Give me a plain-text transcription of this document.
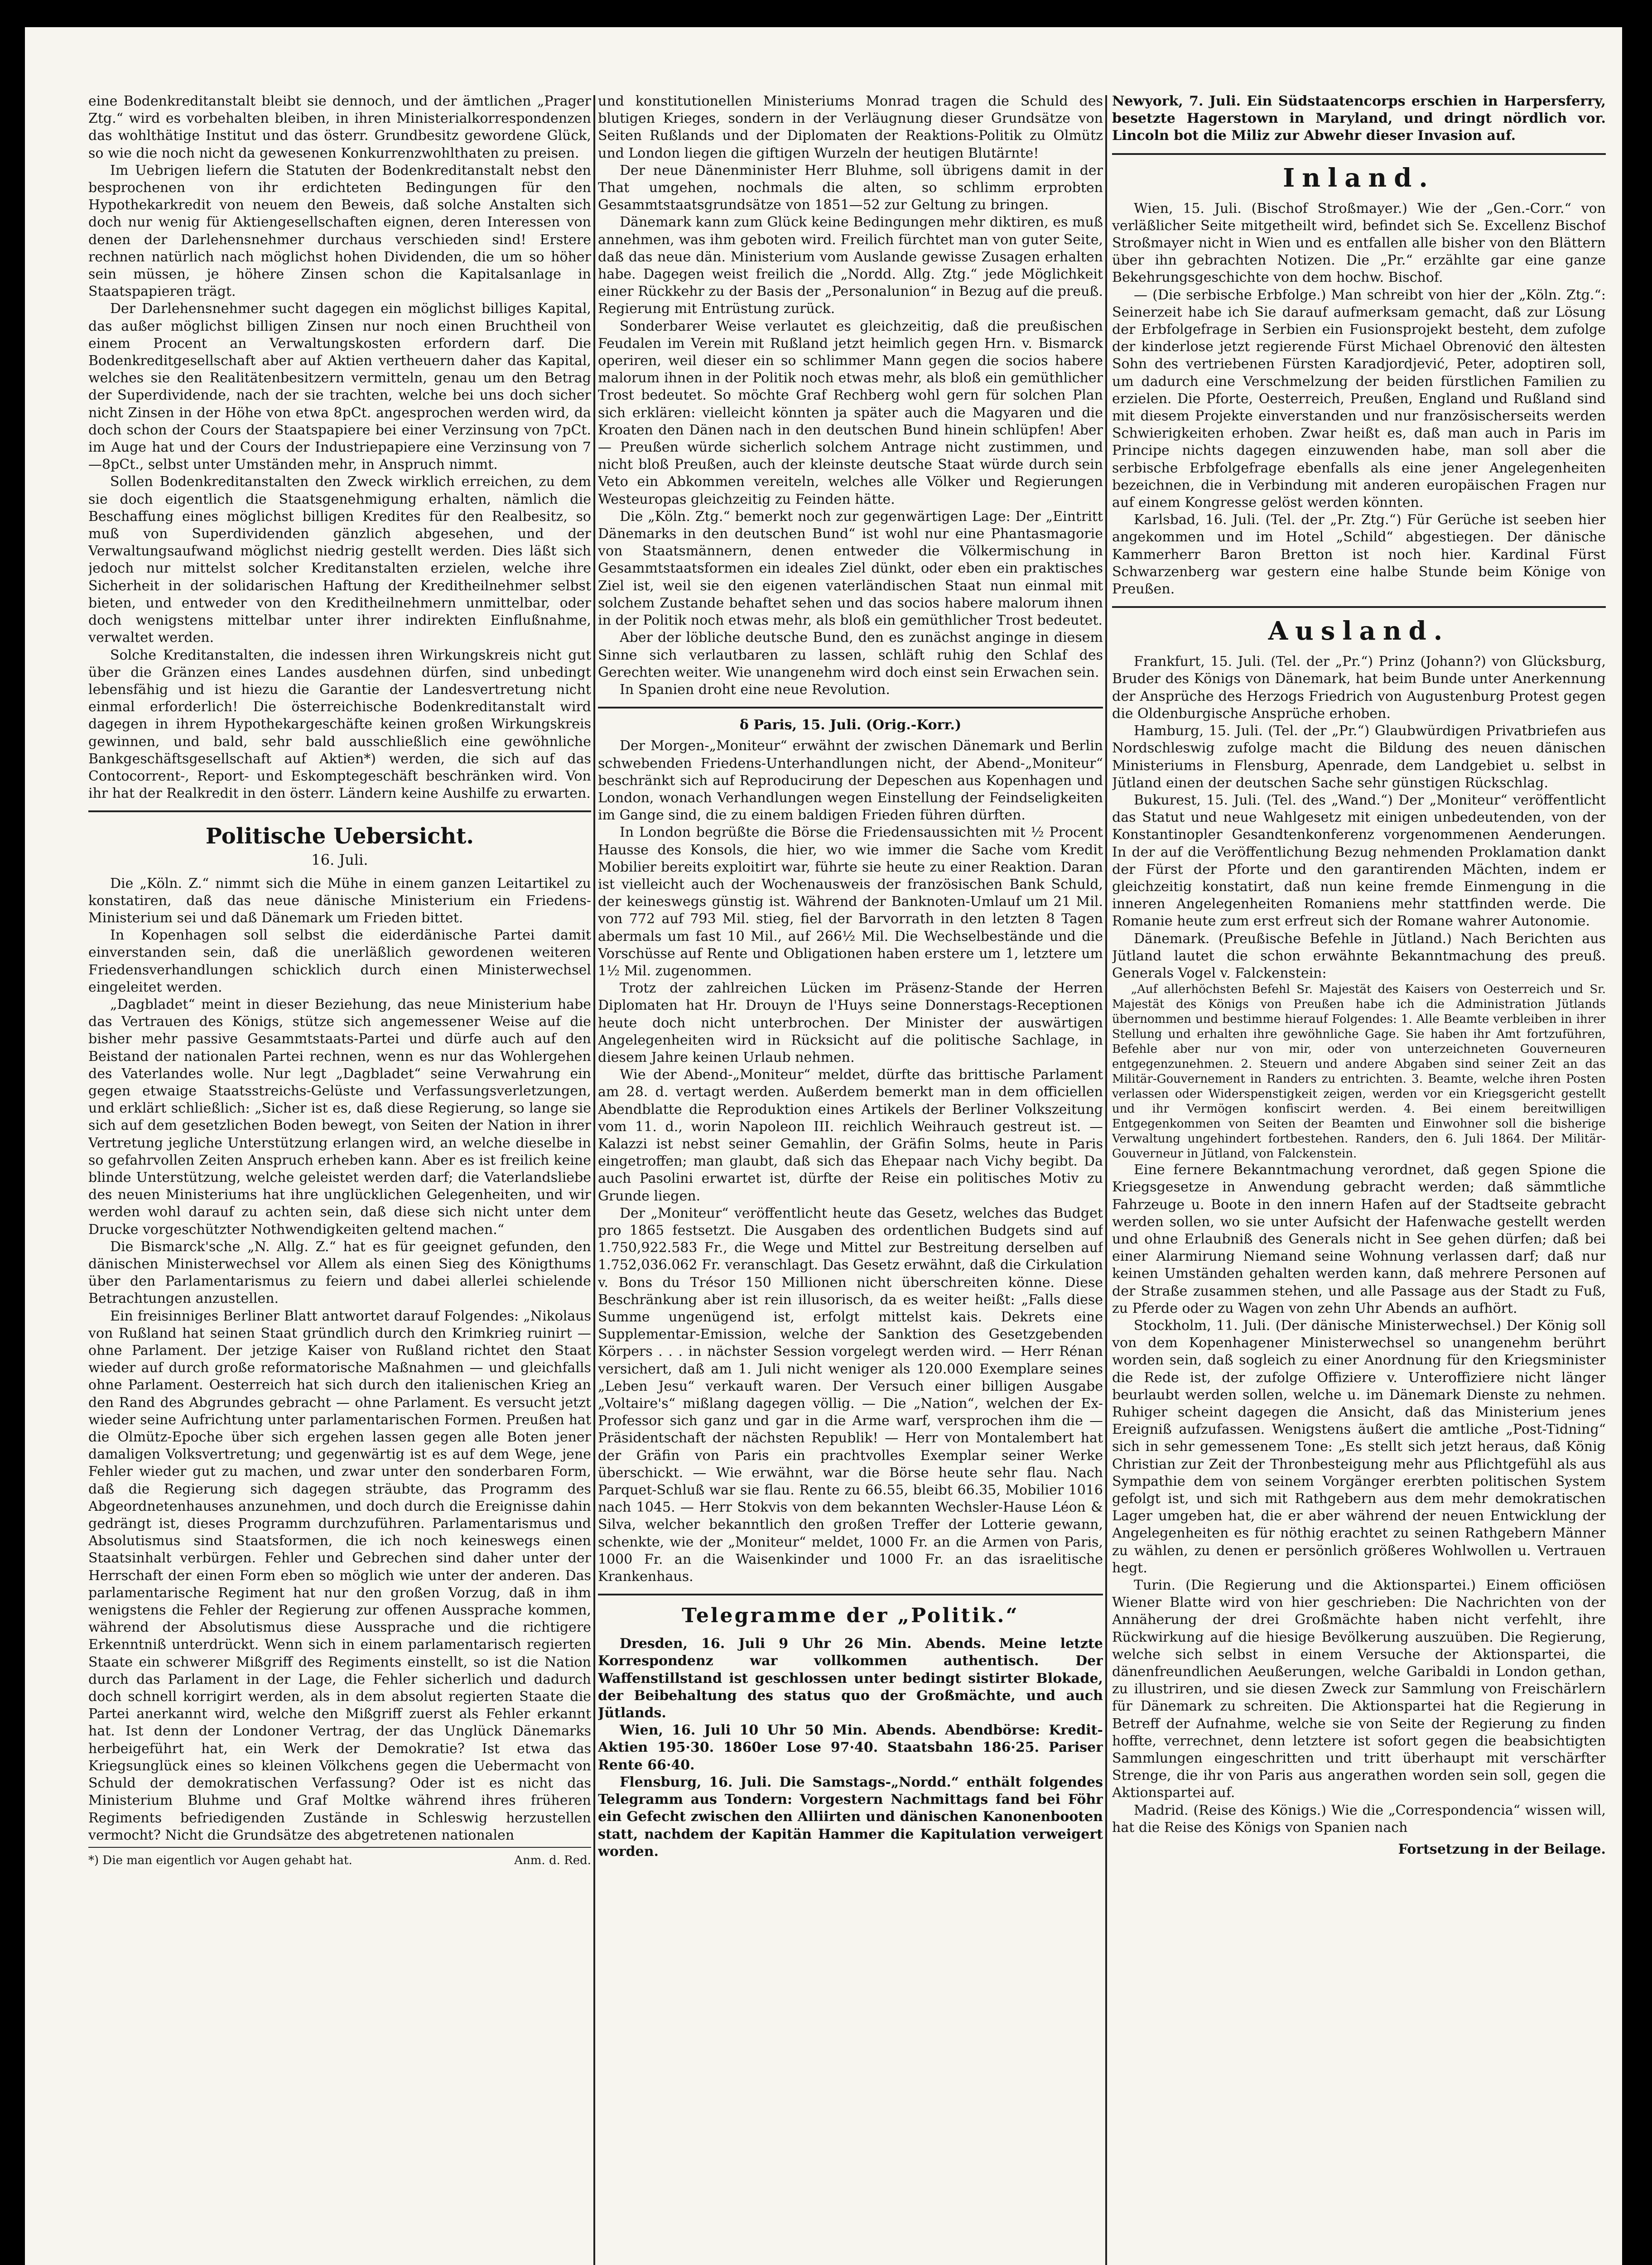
eine Bodenkreditanstalt bleibt sie dennoch, und der ämtlichen „Prager Ztg.“ wird es vorbehalten bleiben, in ihren Ministerialkorrespondenzen das wohlthätige Institut und das österr. Grundbesitz gewordene Glück, so wie die noch nicht da gewesenen Konkurrenzwohlthaten zu preisen.

Im Uebrigen liefern die Statuten der Bodenkreditanstalt nebst den besprochenen von ihr erdichteten Bedingungen für den Hypothekarkredit von neuem den Beweis, daß solche Anstalten sich doch nur wenig für Aktiengesellschaften eignen, deren Interessen von denen der Darlehensnehmer durchaus verschieden sind! Erstere rechnen natürlich nach möglichst hohen Dividenden, die um so höher sein müssen, je höhere Zinsen schon die Kapitalsanlage in Staatspapieren trägt.

Der Darlehensnehmer sucht dagegen ein möglichst billiges Kapital, das außer möglichst billigen Zinsen nur noch einen Bruchtheil von einem Procent an Verwaltungskosten erfordern darf. Die Bodenkreditgesellschaft aber auf Aktien vertheuern daher das Kapital, welches sie den Realitätenbesitzern vermitteln, genau um den Betrag der Superdividende, nach der sie trachten, welche bei uns doch sicher nicht Zinsen in der Höhe von etwa 8pCt. angesprochen werden wird, da doch schon der Cours der Staatspapiere bei einer Verzinsung von 7pCt. im Auge hat und der Cours der Industriepapiere eine Verzinsung von 7—8pCt., selbst unter Umständen mehr, in Anspruch nimmt.

Sollen Bodenkreditanstalten den Zweck wirklich erreichen, zu dem sie doch eigentlich die Staatsgenehmigung erhalten, nämlich die Beschaffung eines möglichst billigen Kredites für den Realbesitz, so muß von Superdividenden gänzlich abgesehen, und der Verwaltungsaufwand möglichst niedrig gestellt werden. Dies läßt sich jedoch nur mittelst solcher Kreditanstalten erzielen, welche ihre Sicherheit in der solidarischen Haftung der Kreditheilnehmer selbst bieten, und entweder von den Kreditheilnehmern unmittelbar, oder doch wenigstens mittelbar unter ihrer indirekten Einflußnahme, verwaltet werden.

Solche Kreditanstalten, die indessen ihren Wirkungskreis nicht gut über die Gränzen eines Landes ausdehnen dürfen, sind unbedingt lebensfähig und ist hiezu die Garantie der Landesvertretung nicht einmal erforderlich! Die österreichische Bodenkreditanstalt wird dagegen in ihrem Hypothekargeschäfte keinen großen Wirkungskreis gewinnen, und bald, sehr bald ausschließlich eine gewöhnliche Bankgeschäftsgesellschaft auf Aktien*) werden, die sich auf das Contocorrent-, Report- und Eskomptegeschäft beschränken wird. Von ihr hat der Realkredit in den österr. Ländern keine Aushilfe zu erwarten.

Politische Uebersicht.
16. Juli.

Die „Köln. Z.“ nimmt sich die Mühe in einem ganzen Leitartikel zu konstatiren, daß das neue dänische Ministerium ein Friedens-Ministerium sei und daß Dänemark um Frieden bittet.

In Kopenhagen soll selbst die eiderdänische Partei damit einverstanden sein, daß die unerläßlich gewordenen weiteren Friedensverhandlungen schicklich durch einen Ministerwechsel eingeleitet werden.

„Dagbladet“ meint in dieser Beziehung, das neue Ministerium habe das Vertrauen des Königs, stütze sich angemessener Weise auf die bisher mehr passive Gesammtstaats-Partei und dürfe auch auf den Beistand der nationalen Partei rechnen, wenn es nur das Wohlergehen des Vaterlandes wolle. Nur legt „Dagbladet“ seine Verwahrung ein gegen etwaige Staatsstreichs-Gelüste und Verfassungsverletzungen, und erklärt schließlich: „Sicher ist es, daß diese Regierung, so lange sie sich auf dem gesetzlichen Boden bewegt, von Seiten der Nation in ihrer Vertretung jegliche Unterstützung erlangen wird, an welche dieselbe in so gefahrvollen Zeiten Anspruch erheben kann. Aber es ist freilich keine blinde Unterstützung, welche geleistet werden darf; die Vaterlandsliebe des neuen Ministeriums hat ihre unglücklichen Gelegenheiten, und wir werden wohl darauf zu achten sein, daß diese sich nicht unter dem Drucke vorgeschützter Nothwendigkeiten geltend machen.“

Die Bismarck'sche „N. Allg. Z.“ hat es für geeignet gefunden, den dänischen Ministerwechsel vor Allem als einen Sieg des Königthums über den Parlamentarismus zu feiern und dabei allerlei schielende Betrachtungen anzustellen.

Ein freisinniges Berliner Blatt antwortet darauf Folgendes: „Nikolaus von Rußland hat seinen Staat gründlich durch den Krimkrieg ruinirt — ohne Parlament. Der jetzige Kaiser von Rußland richtet den Staat wieder auf durch große reformatorische Maßnahmen — und gleichfalls ohne Parlament. Oesterreich hat sich durch den italienischen Krieg an den Rand des Abgrundes gebracht — ohne Parlament. Es versucht jetzt wieder seine Aufrichtung unter parlamentarischen Formen. Preußen hat die Olmütz-Epoche über sich ergehen lassen gegen alle Boten jener damaligen Volksvertretung; und gegenwärtig ist es auf dem Wege, jene Fehler wieder gut zu machen, und zwar unter den sonderbaren Form, daß die Regierung sich dagegen sträubte, das Programm des Abgeordnetenhauses anzunehmen, und doch durch die Ereignisse dahin gedrängt ist, dieses Programm durchzuführen. Parlamentarismus und Absolutismus sind Staatsformen, die ich noch keineswegs einen Staatsinhalt verbürgen. Fehler und Gebrechen sind daher unter der Herrschaft der einen Form eben so möglich wie unter der anderen. Das parlamentarische Regiment hat nur den großen Vorzug, daß in ihm wenigstens die Fehler der Regierung zur offenen Aussprache kommen, während der Absolutismus diese Aussprache und die richtigere Erkenntniß unterdrückt. Wenn sich in einem parlamentarisch regierten Staate ein schwerer Mißgriff des Regiments einstellt, so ist die Nation durch das Parlament in der Lage, die Fehler sicherlich und dadurch doch schnell korrigirt werden, als in dem absolut regierten Staate die Partei anerkannt wird, welche den Mißgriff zuerst als Fehler erkannt hat. Ist denn der Londoner Vertrag, der das Unglück Dänemarks herbeigeführt hat, ein Werk der Demokratie? Ist etwa das Kriegsunglück eines so kleinen Völkchens gegen die Uebermacht von Schuld der demokratischen Verfassung? Oder ist es nicht das Ministerium Bluhme und Graf Moltke während ihres früheren Regiments befriedigenden Zustände in Schleswig herzustellen vermocht? Nicht die Grundsätze des abgetretenen nationalen

*) Die man eigentlich vor Augen gehabt hat.	Anm. d. Red.

und konstitutionellen Ministeriums Monrad tragen die Schuld des blutigen Krieges, sondern in der Verläugnung dieser Grundsätze von Seiten Rußlands und der Diplomaten der Reaktions-Politik zu Olmütz und London liegen die giftigen Wurzeln der heutigen Blutärnte!

Der neue Dänenminister Herr Bluhme, soll übrigens damit in der That umgehen, nochmals die alten, so schlimm erprobten Gesammtstaatsgrundsätze von 1851—52 zur Geltung zu bringen.

Dänemark kann zum Glück keine Bedingungen mehr diktiren, es muß annehmen, was ihm geboten wird. Freilich fürchtet man von guter Seite, daß das neue dän. Ministerium vom Auslande gewisse Zusagen erhalten habe. Dagegen weist freilich die „Nordd. Allg. Ztg.“ jede Möglichkeit einer Rückkehr zu der Basis der „Personalunion“ in Bezug auf die preuß. Regierung mit Entrüstung zurück.

Sonderbarer Weise verlautet es gleichzeitig, daß die preußischen Feudalen im Verein mit Rußland jetzt heimlich gegen Hrn. v. Bismarck operiren, weil dieser ein so schlimmer Mann gegen die socios habere malorum ihnen in der Politik noch etwas mehr, als bloß ein gemüthlicher Trost bedeutet. So möchte Graf Rechberg wohl gern für solchen Plan sich erklären: vielleicht könnten ja später auch die Magyaren und die Kroaten den Dänen nach in den deutschen Bund hinein schlüpfen! Aber — Preußen würde sicherlich solchem Antrage nicht zustimmen, und nicht bloß Preußen, auch der kleinste deutsche Staat würde durch sein Veto ein Abkommen vereiteln, welches alle Völker und Regierungen Westeuropas gleichzeitig zu Feinden hätte.

Die „Köln. Ztg.“ bemerkt noch zur gegenwärtigen Lage: Der „Eintritt Dänemarks in den deutschen Bund“ ist wohl nur eine Phantasmagorie von Staatsmännern, denen entweder die Völkermischung in Gesammtstaatsformen ein ideales Ziel dünkt, oder eben ein praktisches Ziel ist, weil sie den eigenen vaterländischen Staat nun einmal mit solchem Zustande behaftet sehen und das socios habere malorum ihnen in der Politik noch etwas mehr, als bloß ein gemüthlicher Trost bedeutet.

Aber der löbliche deutsche Bund, den es zunächst anginge in diesem Sinne sich verlautbaren zu lassen, schläft ruhig den Schlaf des Gerechten weiter. Wie unangenehm wird doch einst sein Erwachen sein.

In Spanien droht eine neue Revolution.

δ Paris, 15. Juli. (Orig.-Korr.)

Der Morgen-„Moniteur“ erwähnt der zwischen Dänemark und Berlin schwebenden Friedens-Unterhandlungen nicht, der Abend-„Moniteur“ beschränkt sich auf Reproducirung der Depeschen aus Kopenhagen und London, wonach Verhandlungen wegen Einstellung der Feindseligkeiten im Gange sind, die zu einem baldigen Frieden führen dürften.

In London begrüßte die Börse die Friedensaussichten mit ½ Procent Hausse des Konsols, die hier, wo wie immer die Sache vom Kredit Mobilier bereits exploitirt war, führte sie heute zu einer Reaktion. Daran ist vielleicht auch der Wochenausweis der französischen Bank Schuld, der keineswegs günstig ist. Während der Banknoten-Umlauf um 21 Mil. von 772 auf 793 Mil. stieg, fiel der Barvorrath in den letzten 8 Tagen abermals um fast 10 Mil., auf 266½ Mil. Die Wechselbestände und die Vorschüsse auf Rente und Obligationen haben erstere um 1, letztere um 1½ Mil. zugenommen.

Trotz der zahlreichen Lücken im Präsenz-Stande der Herren Diplomaten hat Hr. Drouyn de l'Huys seine Donnerstags-Receptionen heute doch nicht unterbrochen. Der Minister der auswärtigen Angelegenheiten wird in Rücksicht auf die politische Sachlage, in diesem Jahre keinen Urlaub nehmen.

Wie der Abend-„Moniteur“ meldet, dürfte das brittische Parlament am 28. d. vertagt werden. Außerdem bemerkt man in dem officiellen Abendblatte die Reproduktion eines Artikels der Berliner Volkszeitung vom 11. d., worin Napoleon III. reichlich Weihrauch gestreut ist. — Kalazzi ist nebst seiner Gemahlin, der Gräfin Solms, heute in Paris eingetroffen; man glaubt, daß sich das Ehepaar nach Vichy begibt. Da auch Pasolini erwartet ist, dürfte der Reise ein politisches Motiv zu Grunde liegen.

Der „Moniteur“ veröffentlicht heute das Gesetz, welches das Budget pro 1865 festsetzt. Die Ausgaben des ordentlichen Budgets sind auf 1.750,922.583 Fr., die Wege und Mittel zur Bestreitung derselben auf 1.752,036.062 Fr. veranschlagt. Das Gesetz erwähnt, daß die Cirkulation v. Bons du Trésor 150 Millionen nicht überschreiten könne. Diese Beschränkung aber ist rein illusorisch, da es weiter heißt: „Falls diese Summe ungenügend ist, erfolgt mittelst kais. Dekrets eine Supplementar-Emission, welche der Sanktion des Gesetzgebenden Körpers . . . in nächster Session vorgelegt werden wird. — Herr Rénan versichert, daß am 1. Juli nicht weniger als 120.000 Exemplare seines „Leben Jesu“ verkauft waren. Der Versuch einer billigen Ausgabe „Voltaire's“ mißlang dagegen völlig. — Die „Nation“, welchen der Ex-Professor sich ganz und gar in die Arme warf, versprochen ihm die — Präsidentschaft der nächsten Republik! — Herr von Montalembert hat der Gräfin von Paris ein prachtvolles Exemplar seiner Werke überschickt. — Wie erwähnt, war die Börse heute sehr flau. Nach Parquet-Schluß war sie flau. Rente zu 66.55, bleibt 66.35, Mobilier 1016 nach 1045. — Herr Stokvis von dem bekannten Wechsler-Hause Léon & Silva, welcher bekanntlich den großen Treffer der Lotterie gewann, schenkte, wie der „Moniteur“ meldet, 1000 Fr. an die Armen von Paris, 1000 Fr. an die Waisenkinder und 1000 Fr. an das israelitische Krankenhaus.

Telegramme der „Politik.“

Dresden, 16. Juli 9 Uhr 26 Min. Abends. Meine letzte Korrespondenz war vollkommen authentisch. Der Waffenstillstand ist geschlossen unter bedingt sistirter Blokade, der Beibehaltung des status quo der Großmächte, und auch Jütlands.

Wien, 16. Juli 10 Uhr 50 Min. Abends. Abendbörse: Kredit-Aktien 195·30. 1860er Lose 97·40. Staatsbahn 186·25. Pariser Rente 66·40.

Flensburg, 16. Juli. Die Samstags-„Nordd.“ enthält folgendes Telegramm aus Tondern: Vorgestern Nachmittags fand bei Föhr ein Gefecht zwischen den Alliirten und dänischen Kanonenbooten statt, nachdem der Kapitän Hammer die Kapitulation verweigert worden.

Newyork, 7. Juli. Ein Südstaatencorps erschien in Harpersferry, besetzte Hagerstown in Maryland, und dringt nördlich vor. Lincoln bot die Miliz zur Abwehr dieser Invasion auf.

Inland.

Wien, 15. Juli. (Bischof Stroßmayer.) Wie der „Gen.-Corr.“ von verläßlicher Seite mitgetheilt wird, befindet sich Se. Excellenz Bischof Stroßmayer nicht in Wien und es entfallen alle bisher von den Blättern über ihn gebrachten Notizen. Die „Pr.“ erzählte gar eine ganze Bekehrungsgeschichte von dem hochw. Bischof.

— (Die serbische Erbfolge.) Man schreibt von hier der „Köln. Ztg.“: Seinerzeit habe ich Sie darauf aufmerksam gemacht, daß zur Lösung der Erbfolgefrage in Serbien ein Fusionsprojekt besteht, dem zufolge der kinderlose jetzt regierende Fürst Michael Obrenović den ältesten Sohn des vertriebenen Fürsten Karadjordjević, Peter, adoptiren soll, um dadurch eine Verschmelzung der beiden fürstlichen Familien zu erzielen. Die Pforte, Oesterreich, Preußen, England und Rußland sind mit diesem Projekte einverstanden und nur französischerseits werden Schwierigkeiten erhoben. Zwar heißt es, daß man auch in Paris im Principe nichts dagegen einzuwenden habe, man soll aber die serbische Erbfolgefrage ebenfalls als eine jener Angelegenheiten bezeichnen, die in Verbindung mit anderen europäischen Fragen nur auf einem Kongresse gelöst werden könnten.

Karlsbad, 16. Juli. (Tel. der „Pr. Ztg.“) Für Gerüche ist seeben hier angekommen und im Hotel „Schild“ abgestiegen. Der dänische Kammerherr Baron Bretton ist noch hier. Kardinal Fürst Schwarzenberg war gestern eine halbe Stunde beim Könige von Preußen.

Ausland.

Frankfurt, 15. Juli. (Tel. der „Pr.“) Prinz (Johann?) von Glücksburg, Bruder des Königs von Dänemark, hat beim Bunde unter Anerkennung der Ansprüche des Herzogs Friedrich von Augustenburg Protest gegen die Oldenburgische Ansprüche erhoben.

Hamburg, 15. Juli. (Tel. der „Pr.“) Glaubwürdigen Privatbriefen aus Nordschleswig zufolge macht die Bildung des neuen dänischen Ministeriums in Flensburg, Apenrade, dem Landgebiet u. selbst in Jütland einen der deutschen Sache sehr günstigen Rückschlag.

Bukurest, 15. Juli. (Tel. des „Wand.“) Der „Moniteur“ veröffentlicht das Statut und neue Wahlgesetz mit einigen unbedeutenden, von der Konstantinopler Gesandtenkonferenz vorgenommenen Aenderungen. In der auf die Veröffentlichung Bezug nehmenden Proklamation dankt der Fürst der Pforte und den garantirenden Mächten, indem er gleichzeitig konstatirt, daß nun keine fremde Einmengung in die inneren Angelegenheiten Romaniens mehr stattfinden werde. Die Romanie heute zum erst erfreut sich der Romane wahrer Autonomie.

Dänemark. (Preußische Befehle in Jütland.) Nach Berichten aus Jütland lautet die schon erwähnte Bekanntmachung des preuß. Generals Vogel v. Falckenstein:

„Auf allerhöchsten Befehl Sr. Majestät des Kaisers von Oesterreich und Sr. Majestät des Königs von Preußen habe ich die Administration Jütlands übernommen und bestimme hierauf Folgendes: 1. Alle Beamte verbleiben in ihrer Stellung und erhalten ihre gewöhnliche Gage. Sie haben ihr Amt fortzuführen, Befehle aber nur von mir, oder von unterzeichneten Gouverneuren entgegenzunehmen. 2. Steuern und andere Abgaben sind seiner Zeit an das Militär-Gouvernement in Randers zu entrichten. 3. Beamte, welche ihren Posten verlassen oder Widerspenstigkeit zeigen, werden vor ein Kriegsgericht gestellt und ihr Vermögen konfiscirt werden. 4. Bei einem bereitwilligen Entgegenkommen von Seiten der Beamten und Einwohner soll die bisherige Verwaltung ungehindert fortbestehen. Randers, den 6. Juli 1864. Der Militär-Gouverneur in Jütland, von Falckenstein.

Eine fernere Bekanntmachung verordnet, daß gegen Spione die Kriegsgesetze in Anwendung gebracht werden; daß sämmtliche Fahrzeuge u. Boote in den innern Hafen auf der Stadtseite gebracht werden sollen, wo sie unter Aufsicht der Hafenwache gestellt werden und ohne Erlaubniß des Generals nicht in See gehen dürfen; daß bei einer Alarmirung Niemand seine Wohnung verlassen darf; daß nur keinen Umständen gehalten werden kann, daß mehrere Personen auf der Straße zusammen stehen, und alle Passage aus der Stadt zu Fuß, zu Pferde oder zu Wagen von zehn Uhr Abends an aufhört.

Stockholm, 11. Juli. (Der dänische Ministerwechsel.) Der König soll von dem Kopenhagener Ministerwechsel so unangenehm berührt worden sein, daß sogleich zu einer Anordnung für den Kriegsminister die Rede ist, der zufolge Offiziere v. Unteroffiziere nicht länger beurlaubt werden sollen, welche u. im Dänemark Dienste zu nehmen. Ruhiger scheint dagegen die Ansicht, daß das Ministerium jenes Ereigniß aufzufassen. Wenigstens äußert die amtliche „Post-Tidning“ sich in sehr gemessenem Tone: „Es stellt sich jetzt heraus, daß König Christian zur Zeit der Thronbesteigung mehr aus Pflichtgefühl als aus Sympathie dem von seinem Vorgänger ererbten politischen System gefolgt ist, und sich mit Rathgebern aus dem mehr demokratischen Lager umgeben hat, die er aber während der neuen Entwicklung der Angelegenheiten es für nöthig erachtet zu seinen Rathgebern Männer zu wählen, zu denen er persönlich größeres Wohlwollen u. Vertrauen hegt.

Turin. (Die Regierung und die Aktionspartei.) Einem officiösen Wiener Blatte wird von hier geschrieben: Die Nachrichten von der Annäherung der drei Großmächte haben nicht verfehlt, ihre Rückwirkung auf die hiesige Bevölkerung auszuüben. Die Regierung, welche sich selbst in einem Versuche der Aktionspartei, die dänenfreundlichen Aeußerungen, welche Garibaldi in London gethan, zu illustriren, und sie diesen Zweck zur Sammlung von Freischärlern für Dänemark zu schreiten. Die Aktionspartei hat die Regierung in Betreff der Aufnahme, welche sie von Seite der Regierung zu finden hoffte, verrechnet, denn letztere ist sofort gegen die beabsichtigten Sammlungen eingeschritten und tritt überhaupt mit verschärfter Strenge, die ihr von Paris aus angerathen worden sein soll, gegen die Aktionspartei auf.

Madrid. (Reise des Königs.) Wie die „Correspondencia“ wissen will, hat die Reise des Königs von Spanien nach

Fortsetzung in der Beilage.
